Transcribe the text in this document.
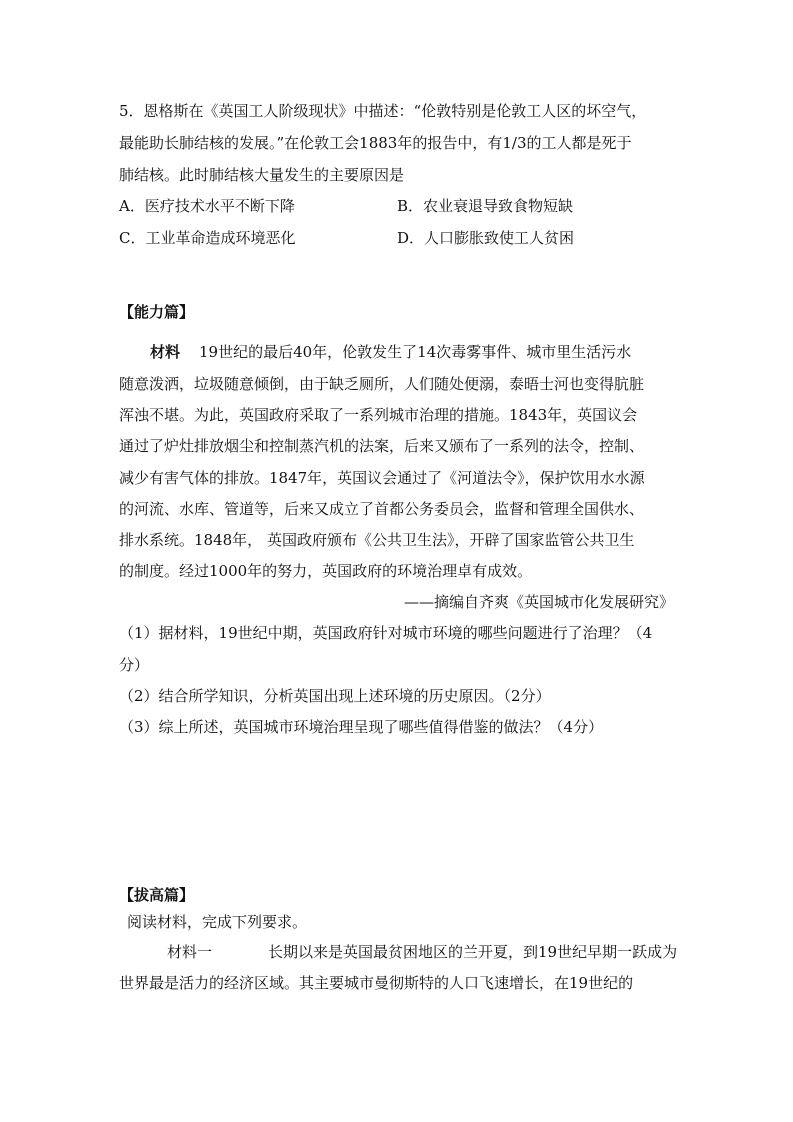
5．恩格斯在《英国工人阶级现状》中描述：“伦敦特别是伦敦工人区的坏空气，
最能助长肺结核的发展。”在伦敦工会1883年的报告中，有1/3的工人都是死于
肺结核。此时肺结核大量发生的主要原因是
A．医疗技术水平不断下降	B．农业衰退导致食物短缺
C．工业革命造成环境恶化	D．人口膨胀致使工人贫困
【能力篇】
材料 19世纪的最后40年，伦敦发生了14次毒雾事件、城市里生活污水
随意泼洒，垃圾随意倾倒，由于缺乏厕所，人们随处便溺，泰晤士河也变得肮脏
浑浊不堪。为此，英国政府采取了一系列城市治理的措施。1843年，英国议会
通过了炉灶排放烟尘和控制蒸汽机的法案，后来又颁布了一系列的法令，控制、
减少有害气体的排放。1847年，英国议会通过了《河道法令》，保护饮用水水源
的河流、水库、管道等，后来又成立了首都公务委员会，监督和管理全国供水、
排水系统。1848年， 英国政府颁布《公共卫生法》，开辟了国家监管公共卫生
的制度。经过1000年的努力，英国政府的环境治理卓有成效。
——摘编自齐爽《英国城市化发展研究》
（1）据材料，19世纪中期，英国政府针对城市环境的哪些问题进行了治理？（4
分）
（2）结合所学知识，分析英国出现上述环境的历史原因。（2分）
（3）综上所述，英国城市环境治理呈现了哪些值得借鉴的做法？（4分）
【拔高篇】
阅读材料，完成下列要求。
材料一	长期以来是英国最贫困地区的兰开夏，到19世纪早期一跃成为
世界最是活力的经济区域。其主要城市曼彻斯特的人口飞速增长，在19世纪的
